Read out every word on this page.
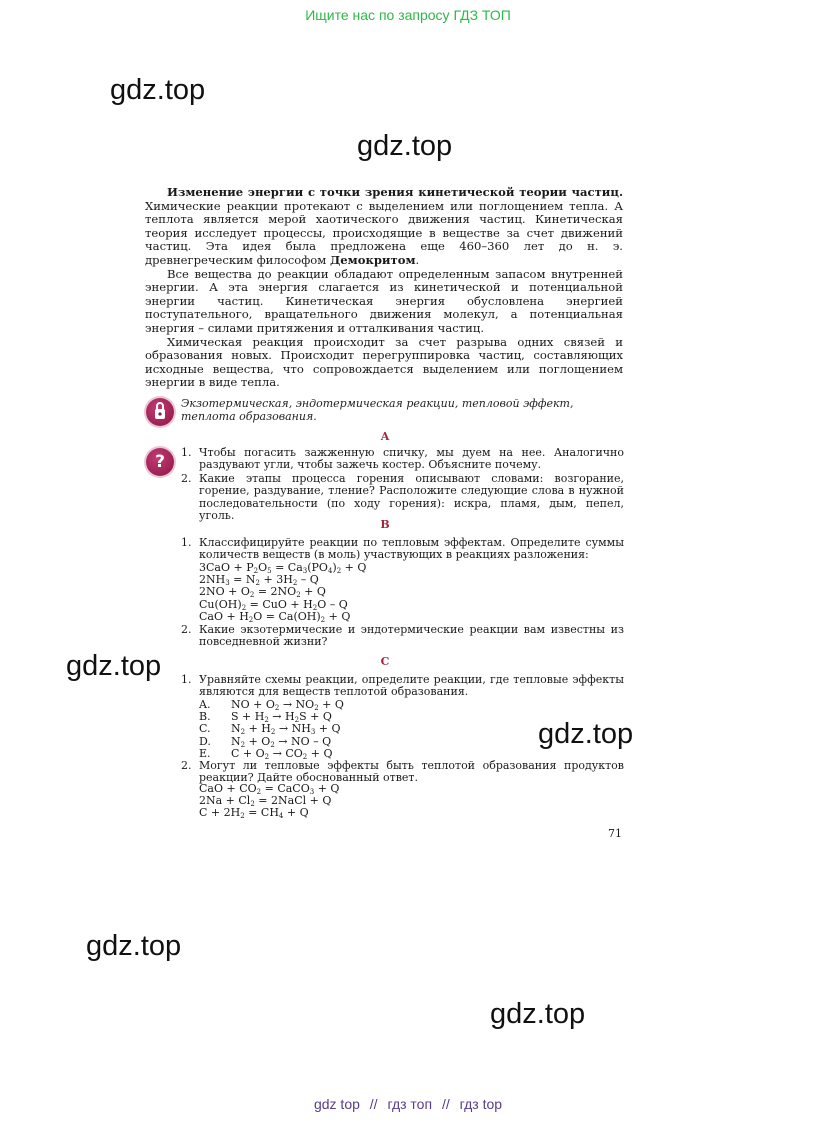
Ищите нас по запросу ГДЗ ТОП
gdz.top
gdz.top
gdz.top
gdz.top
gdz.top
gdz.top

Изменение энергии с точки зрения кинетической теории частиц. Химические реакции протекают с выделением или поглощением тепла. А теплота является мерой хаотического движения частиц. Кинетическая теория исследует процессы, происходящие в веществе за счет движений частиц. Эта идея была предложена еще 460–360 лет до н. э. древнегреческим философом Демокритом.

Все вещества до реакции обладают определенным запасом внутренней энергии. А эта энергия слагается из кинетической и потенциальной энергии частиц. Кинетическая энергия обусловлена энергией поступательного, вращательного движения молекул, а потенциальная энергия – силами притяжения и отталкивания частиц.

Химическая реакция происходит за счет разрыва одних связей и образования новых. Происходит перегруппировка частиц, составляющих исходные вещества, что сопровождается выделением или поглощением энергии в виде тепла.

Экзотермическая, эндотермическая реакции, тепловой эффект, теплота образования.
A
?	1. Чтобы погасить зажженную спичку, мы дуем на нее. Аналогично раздувают угли, чтобы зажечь костер. Объясните почему.
2. Какие этапы процесса горения описывают словами: возгорание, горение, раздувание, тление? Расположите следующие слова в нужной последовательности (по ходу горения): искра, пламя, дым, пепел, уголь.
B
1. Классифицируйте реакции по тепловым эффектам. Определите суммы количеств веществ (в моль) участвующих в реакциях разложения:
$3CaO + P_2O_5 = Ca_3(PO_4)_2 + Q$
$2NH_3 = N_2 + 3H_2 - Q$
$2NO + O_2 = 2NO_2 + Q$
$Cu(OH)_2$ = CuO + $H_2O$ – Q
CaO + $H_2O = Ca(OH)_2 + Q$
2. Какие экзотермические и эндотермические реакции вам известны из повседневной жизни?
C
1. Уравняйте схемы реакции, определите реакции, где тепловые эффекты являются для веществ теплотой образования.
A. NO + $O_2 \to NO_2 + Q$
B. $S + H_2 \to H_2S + Q$
C. $N_2 + H_2 \to NH_3 + Q$
D. $N_2 + O_2$ → NO – Q
E. $C + O_2 \to CO_2 + Q$
2. Могут ли тепловые эффекты быть теплотой образования продуктов реакции? Дайте обоснованный ответ.
CaO + $CO_2$ = CaCO$_3$ + Q
$2Na + Cl_2$ = 2NaCl + Q
$C + 2H_2 = CH_4 + Q$
71
gdz top // гдз топ // гдз top
